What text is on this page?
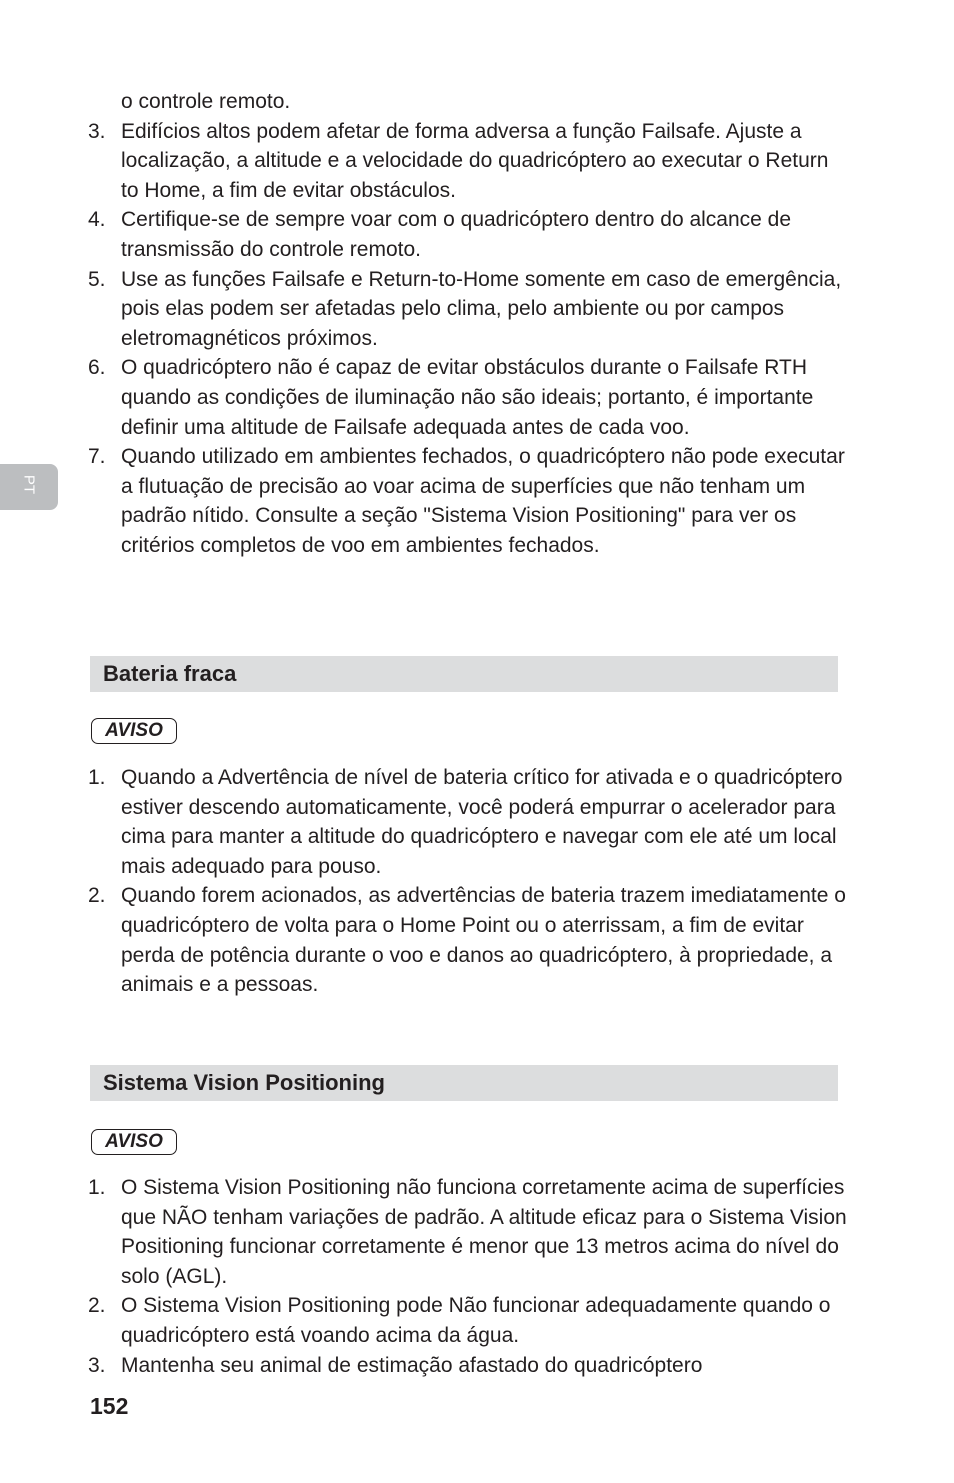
PT
o controle remoto.
3. Edifícios altos podem afetar de forma adversa a função Failsafe. Ajuste a localização, a altitude e a velocidade do quadricóptero ao executar o Return to Home, a fim de evitar obstáculos.
4. Certifique-se de sempre voar com o quadricóptero dentro do alcance de transmissão do controle remoto.
5. Use as funções Failsafe e Return-to-Home somente em caso de emergência, pois elas podem ser afetadas pelo clima, pelo ambiente ou por campos eletromagnéticos próximos.
6. O quadricóptero não é capaz de evitar obstáculos durante o Failsafe RTH quando as condições de iluminação não são ideais; portanto, é importante definir uma altitude de Failsafe adequada antes de cada voo.
7. Quando utilizado em ambientes fechados, o quadricóptero não pode executar a flutuação de precisão ao voar acima de superfícies que não tenham um padrão nítido. Consulte a seção "Sistema Vision Positioning" para ver os critérios completos de voo em ambientes fechados.
Bateria fraca
AVISO
1. Quando a Advertência de nível de bateria crítico for ativada e o quadricóptero estiver descendo automaticamente, você poderá empurrar o acelerador para cima para manter a altitude do quadricóptero e navegar com ele até um local mais adequado para pouso.
2. Quando forem acionados, as advertências de bateria trazem imediatamente o quadricóptero de volta para o Home Point ou o aterrissam, a fim de evitar perda de potência durante o voo e danos ao quadricóptero, à propriedade, a animais e a pessoas.
Sistema Vision Positioning
AVISO
1. O Sistema Vision Positioning não funciona corretamente acima de superfícies que NÃO tenham variações de padrão. A altitude eficaz para o Sistema Vision Positioning funcionar corretamente é menor que 13 metros acima do nível do solo (AGL).
2. O Sistema Vision Positioning pode Não funcionar adequadamente quando o quadricóptero está voando acima da água.
3. Mantenha seu animal de estimação afastado do quadricóptero
152
